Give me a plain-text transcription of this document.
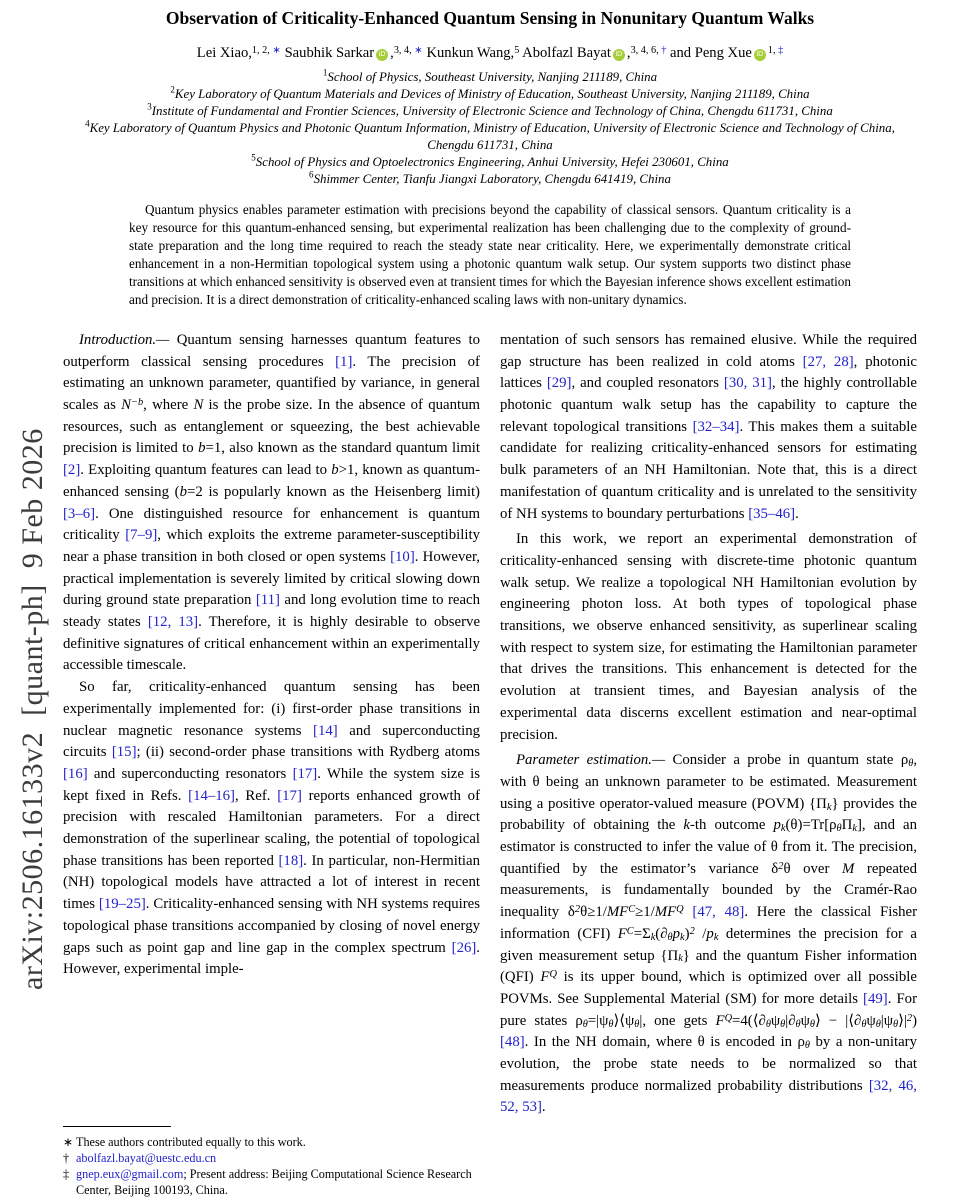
arXiv:2506.16133v2  [quant-ph]  9 Feb 2026
Observation of Criticality-Enhanced Quantum Sensing in Nonunitary Quantum Walks
Lei Xiao,$^{1, 2,}$ ∗ Saubhik Sarkar iD ,$^{3, 4,}$ ∗ Kunkun Wang,$^5$ Abolfazl Bayat iD ,$^{3, 4, 6,}$ † and Peng Xue iD $^{1,}$ ‡
$^1$School of Physics, Southeast University, Nanjing 211189, China
$^2$Key Laboratory of Quantum Materials and Devices of Ministry of Education, Southeast University, Nanjing 211189, China
$^3$Institute of Fundamental and Frontier Sciences, University of Electronic Science and Technology of China, Chengdu 611731, China
$^4$Key Laboratory of Quantum Physics and Photonic Quantum Information, Ministry of Education, University of Electronic Science and Technology of China, Chengdu 611731, China
$^5$School of Physics and Optoelectronics Engineering, Anhui University, Hefei 230601, China
$^6$Shimmer Center, Tianfu Jiangxi Laboratory, Chengdu 641419, China
Quantum physics enables parameter estimation with precisions beyond the capability of classical sensors. Quantum criticality is a key resource for this quantum-enhanced sensing, but experimental realization has been challenging due to the complexity of ground-state preparation and the long time required to reach the steady state near criticality. Here, we experimentally demonstrate critical enhancement in a non-Hermitian topological system using a photonic quantum walk setup. Our system supports two distinct phase transitions at which enhanced sensitivity is observed even at transient times for which the Bayesian inference shows excellent estimation and precision. It is a direct demonstration of criticality-enhanced scaling laws with non-unitary dynamics.

Introduction.— Quantum sensing harnesses quantum features to outperform classical sensing procedures [1]. The precision of estimating an unknown parameter, quantified by variance, in general scales as $N^{-b}$, where N is the probe size. In the absence of quantum resources, such as entanglement or squeezing, the best achievable precision is limited to b=1, also known as the standard quantum limit [2]. Exploiting quantum features can lead to b>1, known as quantum-enhanced sensing (b=2 is popularly known as the Heisenberg limit) [3–6]. One distinguished resource for enhancement is quantum criticality [7–9], which exploits the extreme parameter-susceptibility near a phase transition in both closed or open systems [10]. However, practical implementation is severely limited by critical slowing down during ground state preparation [11] and long evolution time to reach steady states [12, 13]. Therefore, it is highly desirable to observe definitive signatures of critical enhancement within an experimentally accessible timescale.

So far, criticality-enhanced quantum sensing has been experimentally implemented for: (i) first-order phase transitions in nuclear magnetic resonance systems [14] and superconducting circuits [15]; (ii) second-order phase transitions with Rydberg atoms [16] and superconducting resonators [17]. While the system size is kept fixed in Refs. [14–16], Ref. [17] reports enhanced growth of precision with rescaled Hamiltonian parameters. For a direct demonstration of the superlinear scaling, the potential of topological phase transitions has been reported [18]. In particular, non-Hermitian (NH) topological models have attracted a lot of interest in recent times [19–25]. Criticality-enhanced sensing with NH systems requires topological phase transitions accompanied by closing of novel energy gaps such as point gap and line gap in the complex spectrum [26]. However, experimental imple-

mentation of such sensors has remained elusive. While the required gap structure has been realized in cold atoms [27, 28], photonic lattices [29], and coupled resonators [30, 31], the highly controllable photonic quantum walk setup has the capability to capture the relevant topological transitions [32–34]. This makes them a suitable candidate for realizing criticality-enhanced sensors for estimating bulk parameters of an NH Hamiltonian. Note that, this is a direct manifestation of quantum criticality and is unrelated to the sensitivity of NH systems to boundary perturbations [35–46].

In this work, we report an experimental demonstration of criticality-enhanced sensing with discrete-time photonic quantum walk setup. We realize a topological NH Hamiltonian evolution by engineering photon loss. At both types of topological phase transitions, we observe enhanced sensitivity, as superlinear scaling with respect to system size, for estimating the Hamiltonian parameter that drives the transitions. This enhancement is detected for the evolution at transient times, and Bayesian analysis of the experimental data discerns excellent estimation and near-optimal precision.

Parameter estimation.— Consider a probe in quantum state ρθ, with θ being an unknown parameter to be estimated. Measurement using a positive operator-valued measure (POVM) {Πk} provides the probability of obtaining the k-th outcome pk(θ)=Tr[ρθΠk], and an estimator is constructed to infer the value of θ from it. The precision, quantified by the estimator’s variance $\delta^2\theta$ over M repeated measurements, is fundamentally bounded by the Cramér-Rao inequality $\delta^2\theta\ge 1/MF^C\ge 1/MF^Q$ [47, 48]. Here the classical Fisher information (CFI) $F^C=\Sigma k(\partial\theta pk)^2$ /pk determines the precision for a given measurement setup {Πk} and the quantum Fisher information (QFI) $F^Q$ is its upper bound, which is optimized over all possible POVMs. See Supplemental Material (SM) for more details [49]. For pure states ρθ=|ψθ⟩⟨ψθ|, one gets $F^Q=4(⟨\partial\theta\psi\theta|\partial\theta\psi\theta⟩$ − $|⟨\partial\theta\psi\theta|\psi\theta⟩|^2$) [48]. In the NH domain, where θ is encoded in ρθ by a non-unitary evolution, the probe state needs to be normalized so that measurements produce normalized probability distributions [32, 46, 52, 53].

∗ These authors contributed equally to this work.
† abolfazl.bayat@uestc.edu.cn
‡ gnep.eux@gmail.com; Present address: Beijing Computational Science Research Center, Beijing 100193, China.
